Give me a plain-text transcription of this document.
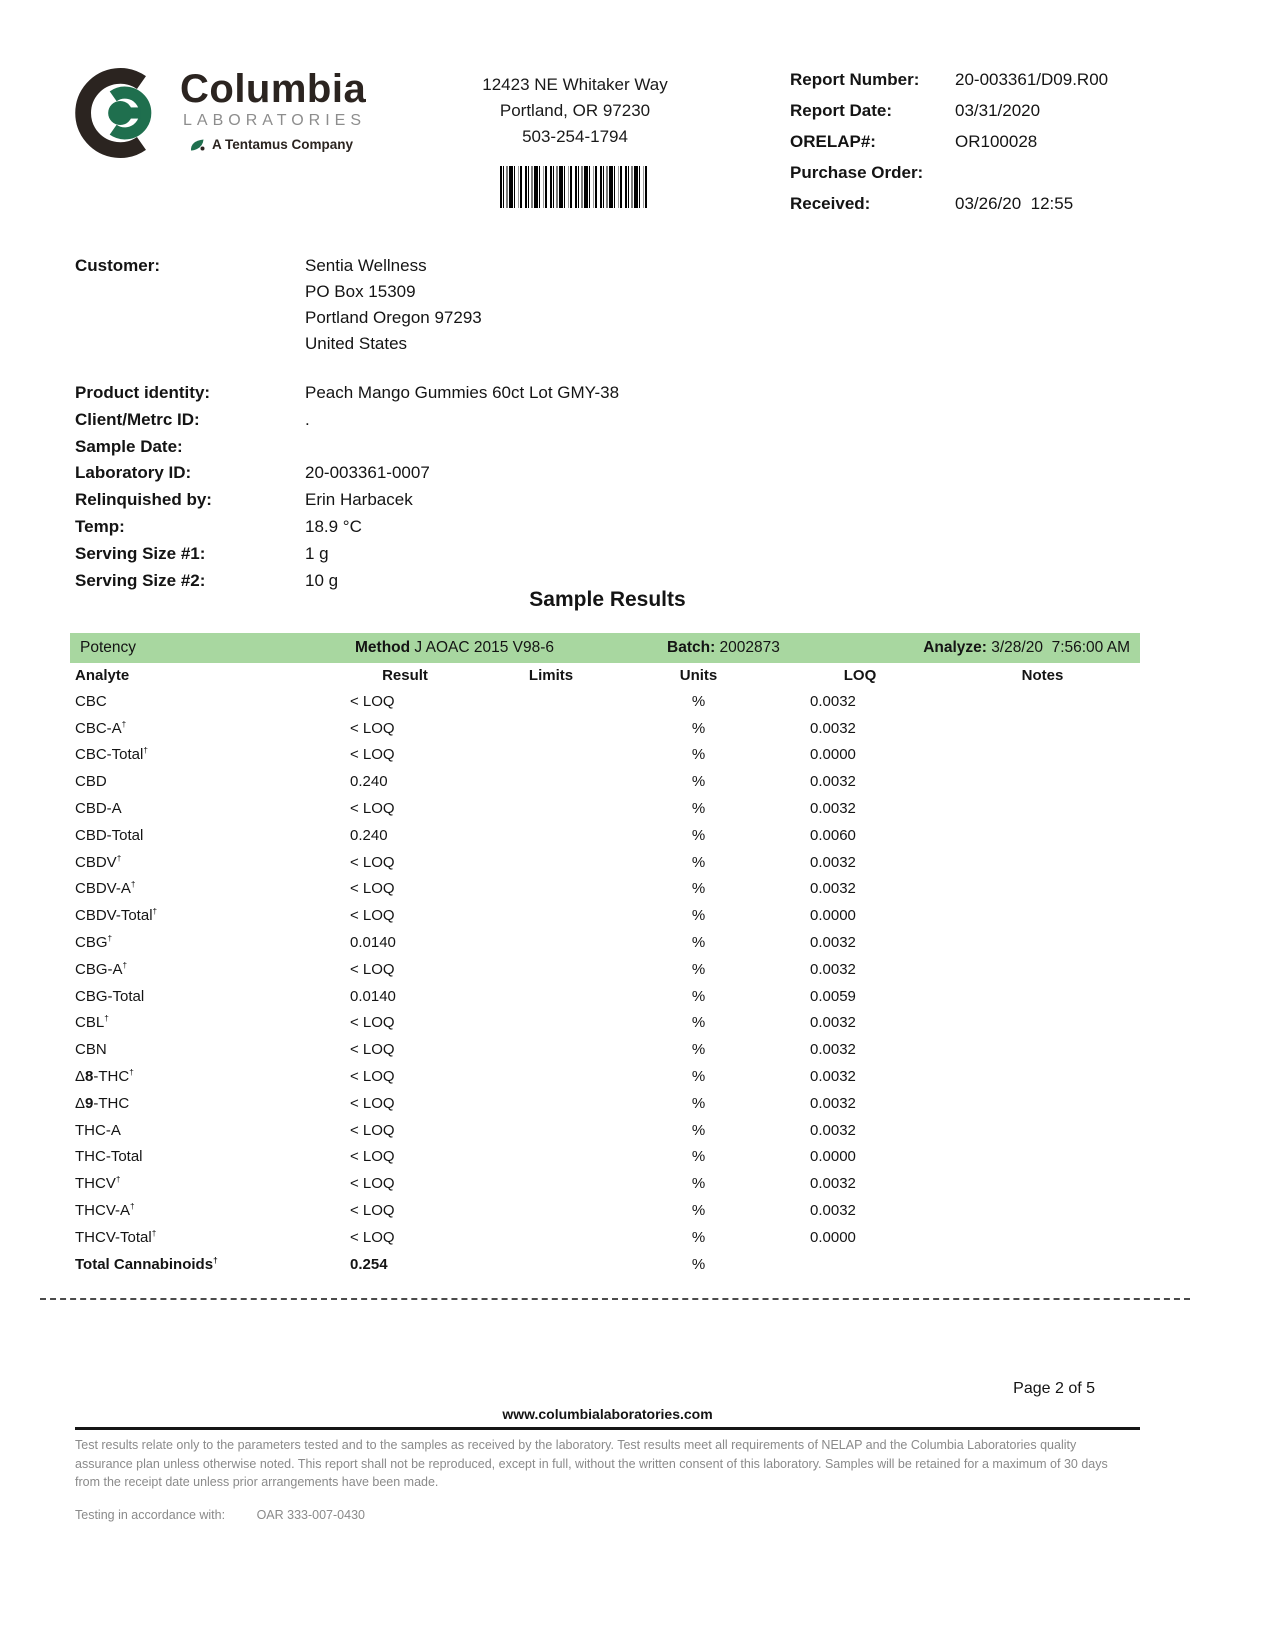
Columbia
LABORATORIES
A Tentamus Company
12423 NE Whitaker Way
Portland, OR 97230
503-254-1794
Report Number:	20-003361/D09.R00
Report Date:	03/31/2020
ORELAP#:	OR100028
Purchase Order:
Received:	03/26/20  12:55
Customer:	Sentia Wellness
PO Box 15309
Portland Oregon 97293
United States
Product identity:	Peach Mango Gummies 60ct Lot GMY-38
Client/Metrc ID:	.
Sample Date:
Laboratory ID:	20-003361-0007
Relinquished by:	Erin Harbacek
Temp:	18.9 °C
Serving Size #1:	1 g
Serving Size #2:	10 g
Sample Results
Potency	Method J AOAC 2015 V98-6	Batch: 2002873	Analyze: 3/28/20  7:56:00 AM
Analyte	Result	Limits	Units	LOQ	Notes
CBC	< LOQ		%	0.0032	
CBC-A†	< LOQ		%	0.0032	
CBC-Total†	< LOQ		%	0.0000	
CBD	0.240		%	0.0032	
CBD-A	< LOQ		%	0.0032	
CBD-Total	0.240		%	0.0060	
CBDV†	< LOQ		%	0.0032	
CBDV-A†	< LOQ		%	0.0032	
CBDV-Total†	< LOQ		%	0.0000	
CBG†	0.0140		%	0.0032	
CBG-A†	< LOQ		%	0.0032	
CBG-Total	0.0140		%	0.0059	
CBL†	< LOQ		%	0.0032	
CBN	< LOQ		%	0.0032	
Δ8-THC†	< LOQ		%	0.0032	
Δ9-THC	< LOQ		%	0.0032	
THC-A	< LOQ		%	0.0032	
THC-Total	< LOQ		%	0.0000	
THCV†	< LOQ		%	0.0032	
THCV-A†	< LOQ		%	0.0032	
THCV-Total†	< LOQ		%	0.0000	
Total Cannabinoids†	0.254		%		
Page 2 of 5
www.columbialaboratories.com

Test results relate only to the parameters tested and to the samples as received by the laboratory. Test results meet all requirements of NELAP and the Columbia Laboratories quality assurance plan unless otherwise noted. This report shall not be reproduced, except in full, without the written consent of this laboratory. Samples will be retained for a maximum of 30 days from the receipt date unless prior arrangements have been made.

Testing in accordance with:	OAR 333-007-0430
